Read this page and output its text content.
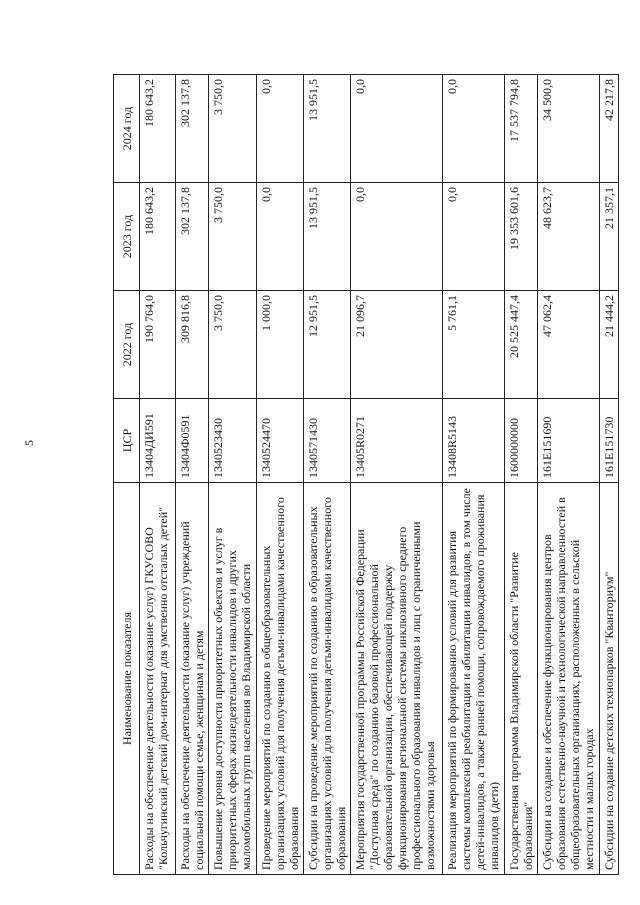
5
Наименование показателя	ЦСР	2022 год	2023 год	2024 год
Расходы на обеспечение деятельности (оказание услуг) ГКУСОВО "Кольчугинский детский дом-интернат для умственно отсталых детей"	13404ДИ591	190 764,0	180 643,2	180 643,2
Расходы на обеспечение деятельности (оказание услуг) учреждений социальной помощи семье, женщинам и детям	13404Ф0591	309 816,8	302 137,8	302 137,8
Повышение уровня доступности приоритетных объектов и услуг в приоритетных сферах жизнедеятельности инвалидов и других маломобильных групп населения во Владимирской области	1340523430	3 750,0	3 750,0	3 750,0
Проведение мероприятий по созданию в общеобразовательных организациях условий для получения детьми-инвалидами качественного образования	1340524470	1 000,0	0,0	0,0
Субсидии на проведение мероприятий по созданию в образовательных организациях условий для получения детьми-инвалидами качественного образования	1340571430	12 951,5	13 951,5	13 951,5
Мероприятия государственной программы Российской Федерации "Доступная среда" по созданию базовой профессиональной образовательной организации, обеспечивающей поддержку функционирования региональной системы инклюзивного среднего профессионального образования инвалидов и лиц с ограниченными возможностями здоровья	13405R0271	21 096,7	0,0	0,0
Реализация мероприятий по формированию условий для развития системы комплексной реабилитации и абилитации инвалидов, в том числе детей-инвалидов, а также ранней помощи, сопровождаемого проживания инвалидов (дети)	13408R5143	5 761,1	0,0	0,0
Государственная программа Владимирской области "Развитие образования"	1600000000	20 525 447,4	19 353 601,6	17 537 794,8
Субсидии на создание и обеспечение функционирования центров образования естественно-научной и технологической направленностей в общеобразовательных организациях, расположенных в сельской местности и малых городах	161E151690	47 062,4	48 623,7	34 500,0
Субсидии на создание детских технопарков "Кванториум"	161E151730	21 444,2	21 357,1	42 217,8
